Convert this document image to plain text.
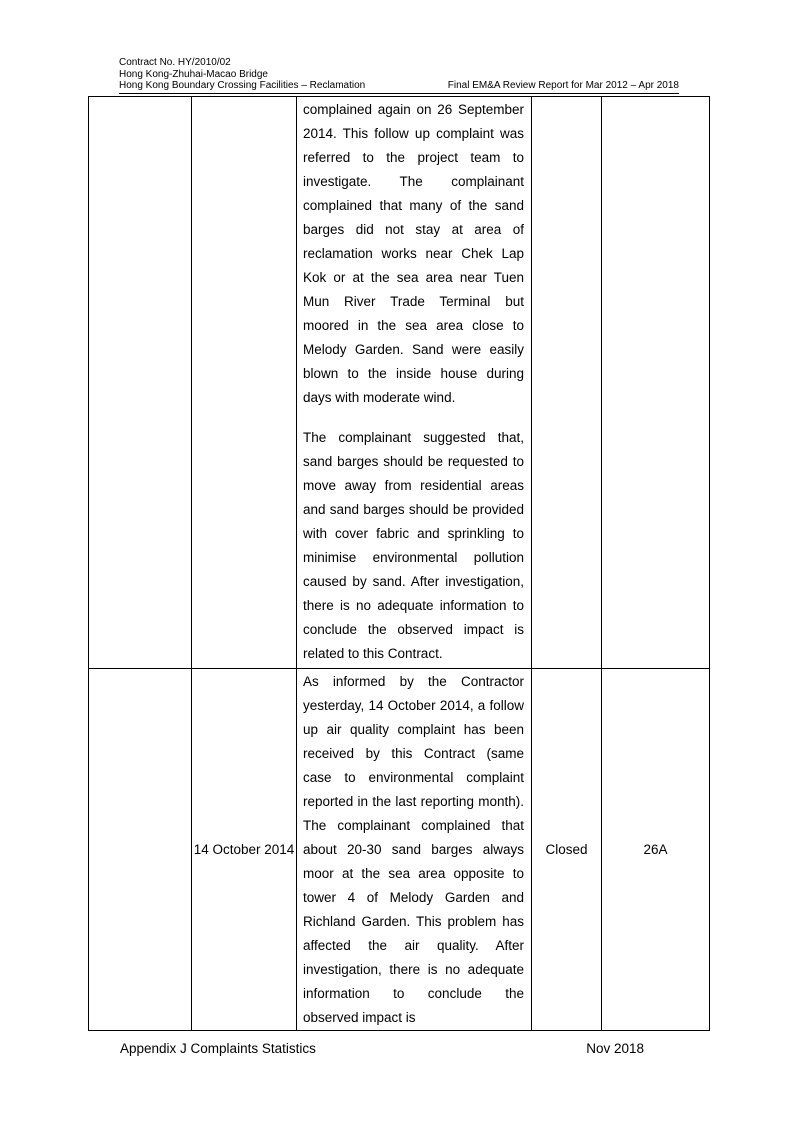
Contract No. HY/2010/02
Hong Kong-Zhuhai-Macao Bridge
Hong Kong Boundary Crossing Facilities – Reclamation	Final EM&A Review Report for Mar 2012 – Apr 2018

		complained again on 26 September 2014. This follow up complaint was referred to the project team to investigate. The complainant complained that many of the sand barges did not stay at area of reclamation works near Chek Lap Kok or at the sea area near Tuen Mun River Trade Terminal but moored in the sea area close to Melody Garden. Sand were easily blown to the inside house during days with moderate wind.
The complainant suggested that, sand barges should be requested to move away from residential areas and sand barges should be provided with cover fabric and sprinkling to minimise environmental pollution caused by sand. After investigation, there is no adequate information to conclude the observed impact is related to this Contract.		

	14 October 2014	As informed by the Contractor yesterday, 14 October 2014, a follow up air quality complaint has been received by this Contract (same case to environmental complaint reported in the last reporting month). The complainant complained that about 20-30 sand barges always moor at the sea area opposite to tower 4 of Melody Garden and Richland Garden. This problem has affected the air quality. After investigation, there is no adequate information to conclude the observed impact is	Closed	26A
Appendix J Complaints Statistics	Nov 2018
